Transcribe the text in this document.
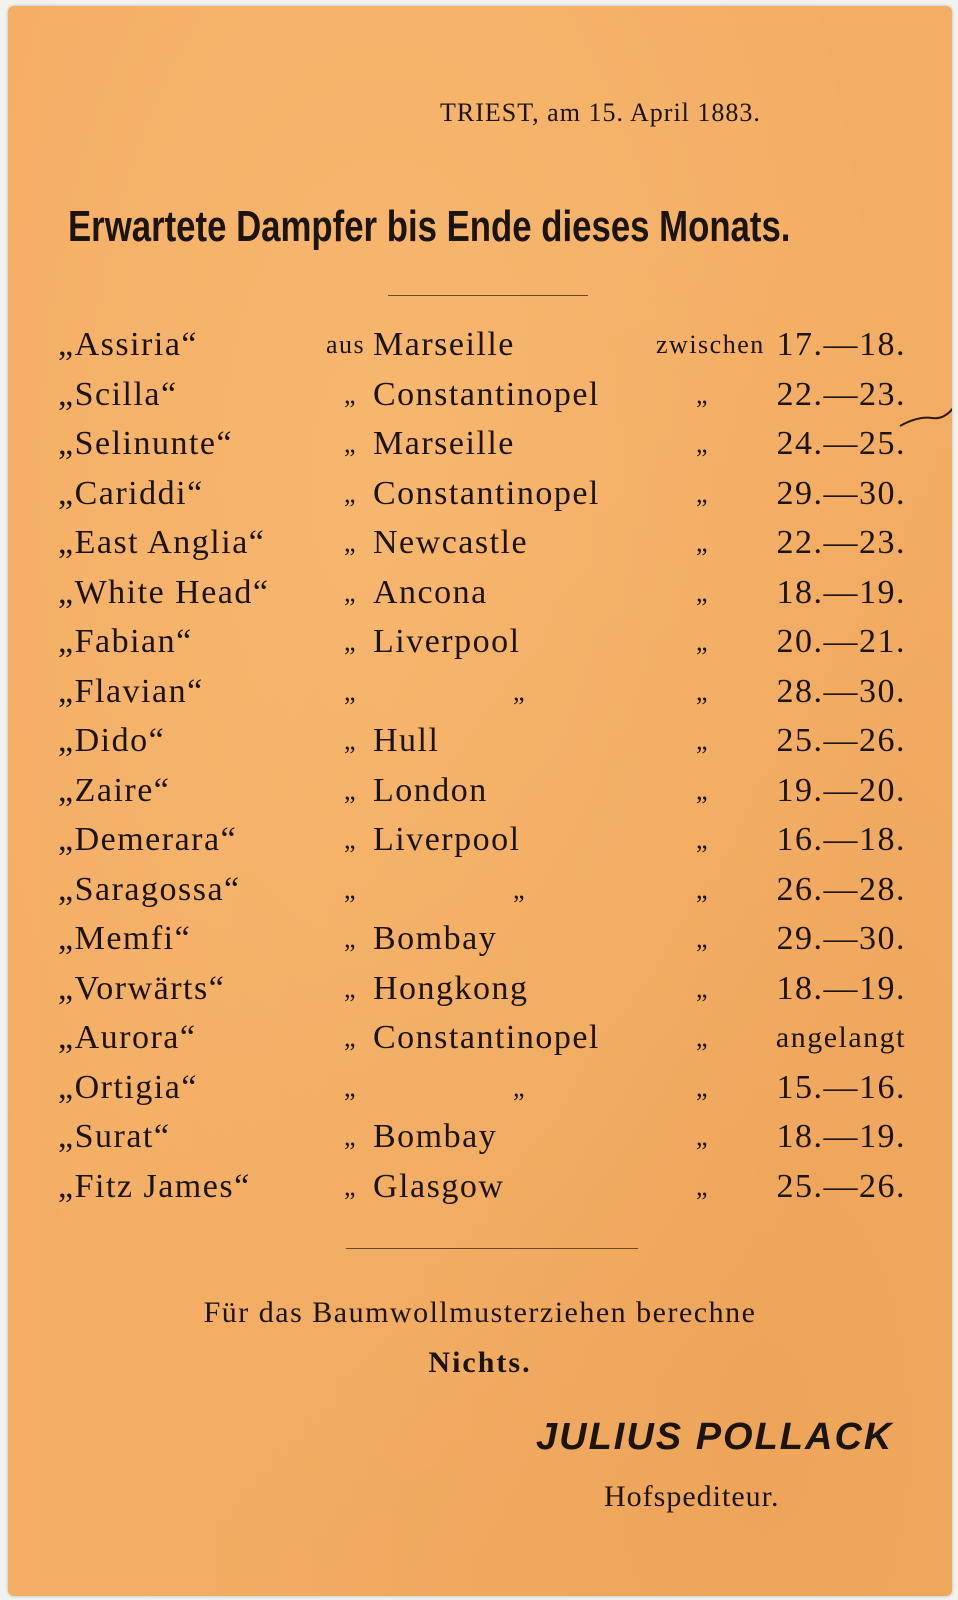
TRIEST, am 15. April 1883.
Erwartete Dampfer bis Ende dieses Monats.
„Assiria“	aus Marseille	zwischen 17.—18.
„Scilla“	„ Constantinopel	„ 22.—23.
„Selinunte“	„ Marseille	„ 24.—25.
„Cariddi“	„ Constantinopel	„ 29.—30.
„East Anglia“	„ Newcastle	„ 22.—23.
„White Head“	„ Ancona	„ 18.—19.
„Fabian“	„ Liverpool	„ 20.—21.
„Flavian“	„	„	„ 28.—30.
„Dido“	„ Hull	„ 25.—26.
„Zaire“	„ London	„ 19.—20.
„Demerara“	„ Liverpool	„ 16.—18.
„Saragossa“	„	„	„ 26.—28.
„Memfi“	„ Bombay	„ 29.—30.
„Vorwärts“	„ Hongkong	„ 18.—19.
„Aurora“	„ Constantinopel	„ angelangt
„Ortigia“	„	„	„ 15.—16.
„Surat“	„ Bombay	„ 18.—19.
„Fitz James“	„ Glasgow	„ 25.—26.
Für das Baumwollmusterziehen berechne
Nichts.
JULIUS POLLACK
Hofspediteur.
